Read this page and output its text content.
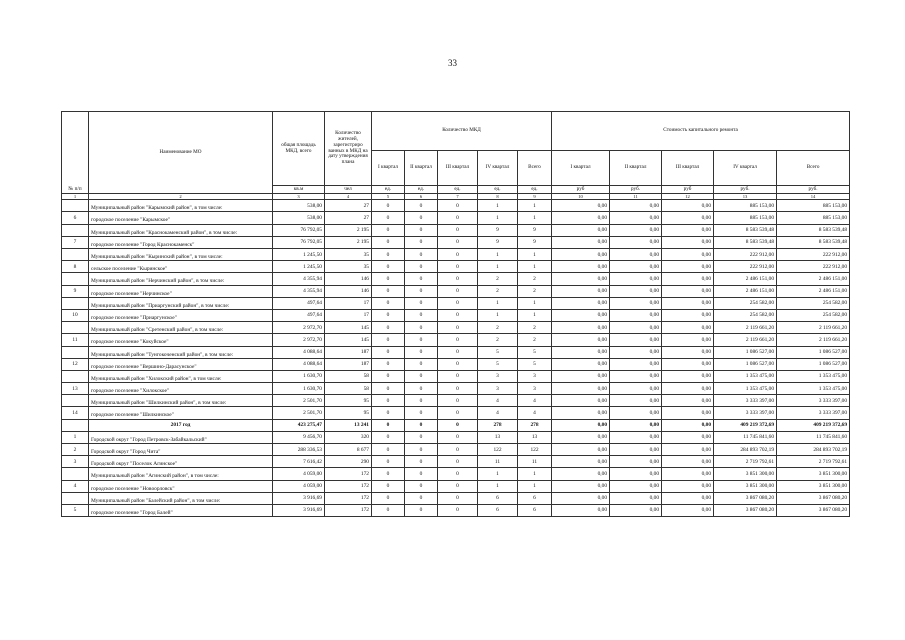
33
№ п/п	Наименование МО	общая площадь МКД, всего	Количество жителей, зарегистриро ванных в МКД на дату утверждения плана	Количество МКД					Стоимость капитального ремонта				
				I квартал	II квартал	III квартал	IV квартал	Всего	I квартал	II квартал	III квартал	IV квартал	Всего
		кв.м	чел	ед.	ед.	ед.	ед.	ед.	руб	руб.	руб	руб.	руб.
1	2	3	4	5	6	7	8	9	10	11	12	13	14
	Муниципальный район "Карымский район", в том числе:	538,00	27	0	0	0	1	1	0,00	0,00	0,00	885 153,00	885 153,00
6	городское поселение "Карымское"	538,00	27	0	0	0	1	1	0,00	0,00	0,00	885 153,00	885 153,00
	Муниципальный район "Краснокаменский район", в том числе:	76 792,05	2 195	0	0	0	9	9	0,00	0,00	0,00	8 583 539,48	8 583 539,48
7	городское поселение "Город Краснокаменск"	76 792,05	2 195	0	0	0	9	9	0,00	0,00	0,00	8 583 539,48	8 583 539,48
	Муниципальный район "Кыринский район", в том числе:	1 245,50	35	0	0	0	1	1	0,00	0,00	0,00	222 912,00	222 912,00
8	сельское поселение "Кыринское"	1 245,50	35	0	0	0	1	1	0,00	0,00	0,00	222 912,00	222 912,00
	Муниципальный район "Нерчинский район", в том числе:	4 355,94	146	0	0	0	2	2	0,00	0,00	0,00	2 486 151,00	2 486 151,00
9	городское поселение "Нерчинское"	4 355,94	146	0	0	0	2	2	0,00	0,00	0,00	2 486 151,00	2 486 151,00
	Муниципальный район "Приаргунский район", в том числе:	497,64	17	0	0	0	1	1	0,00	0,00	0,00	254 582,00	254 582,00
10	городское поселение "Приаргунское"	497,64	17	0	0	0	1	1	0,00	0,00	0,00	254 582,00	254 582,00
	Муниципальный район "Сретенский район", в том числе:	2 972,70	145	0	0	0	2	2	0,00	0,00	0,00	2 119 661,20	2 119 661,20
11	городское поселение "Кокуйское"	2 972,70	145	0	0	0	2	2	0,00	0,00	0,00	2 119 661,20	2 119 661,20
	Муниципальный район "Тунгокоченский район", в том числе:	4 088,64	187	0	0	0	5	5	0,00	0,00	0,00	1 086 527,00	1 086 527,00
12	городское поселение "Вершино-Дарасунское"	4 088,64	187	0	0	0	5	5	0,00	0,00	0,00	1 086 527,00	1 086 527,00
	Муниципальный район "Хилокский район", в том числе:	1 630,70	58	0	0	0	3	3	0,00	0,00	0,00	1 353 475,00	1 353 475,00
13	городское поселение "Хилокское"	1 630,70	58	0	0	0	3	3	0,00	0,00	0,00	1 353 475,00	1 353 475,00
	Муниципальный район "Шилкинский район", в том числе:	2 501,70	95	0	0	0	4	4	0,00	0,00	0,00	3 333 397,00	3 333 397,00
14	городское поселение "Шилкинское"	2 501,70	95	0	0	0	4	4	0,00	0,00	0,00	3 333 397,00	3 333 397,00
	2017 год	423 275,47	13 241	0	0	0	278	278	0,00	0,00	0,00	409 219 372,69	409 219 372,69
1	Городской округ "Город Петровск-Забайкальский"	9 456,70	320	0	0	0	13	13	0,00	0,00	0,00	11 745 841,60	11 745 841,60
2	Городской округ "Город Чита"	288 336,53	8 677	0	0	0	122	122	0,00	0,00	0,00	284 893 702,19	284 893 702,19
3	Городской округ "Поселок Агинское"	7 616,42	290	0	0	0	11	11	0,00	0,00	0,00	2 719 792,61	2 719 792,61
	Муниципальный район "Агинский район", в том числе:	4 059,00	172	0	0	0	1	1	0,00	0,00	0,00	3 851 300,00	3 851 300,00
4	городское поселение "Новоорловск"	4 059,00	172	0	0	0	1	1	0,00	0,00	0,00	3 851 300,00	3 851 300,00
	Муниципальный район "Балейский район", в том числе:	3 916,69	172	0	0	0	6	6	0,00	0,00	0,00	3 867 080,20	3 867 080,20
5	городское поселение "Город Балей"	3 916,69	172	0	0	0	6	6	0,00	0,00	0,00	3 867 080,20	3 867 080,20
